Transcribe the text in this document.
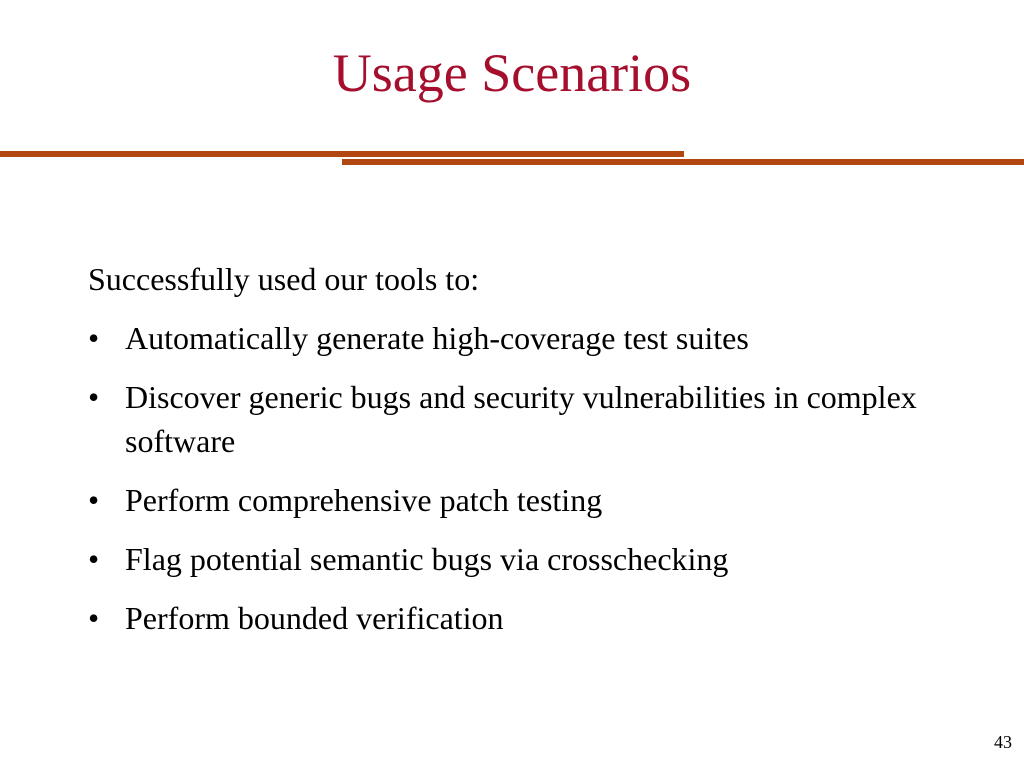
Usage Scenarios
Successfully used our tools to:
• Automatically generate high-coverage test suites
• Discover generic bugs and security vulnerabilities in complex software
• Perform comprehensive patch testing
• Flag potential semantic bugs via crosschecking
• Perform bounded verification
43
